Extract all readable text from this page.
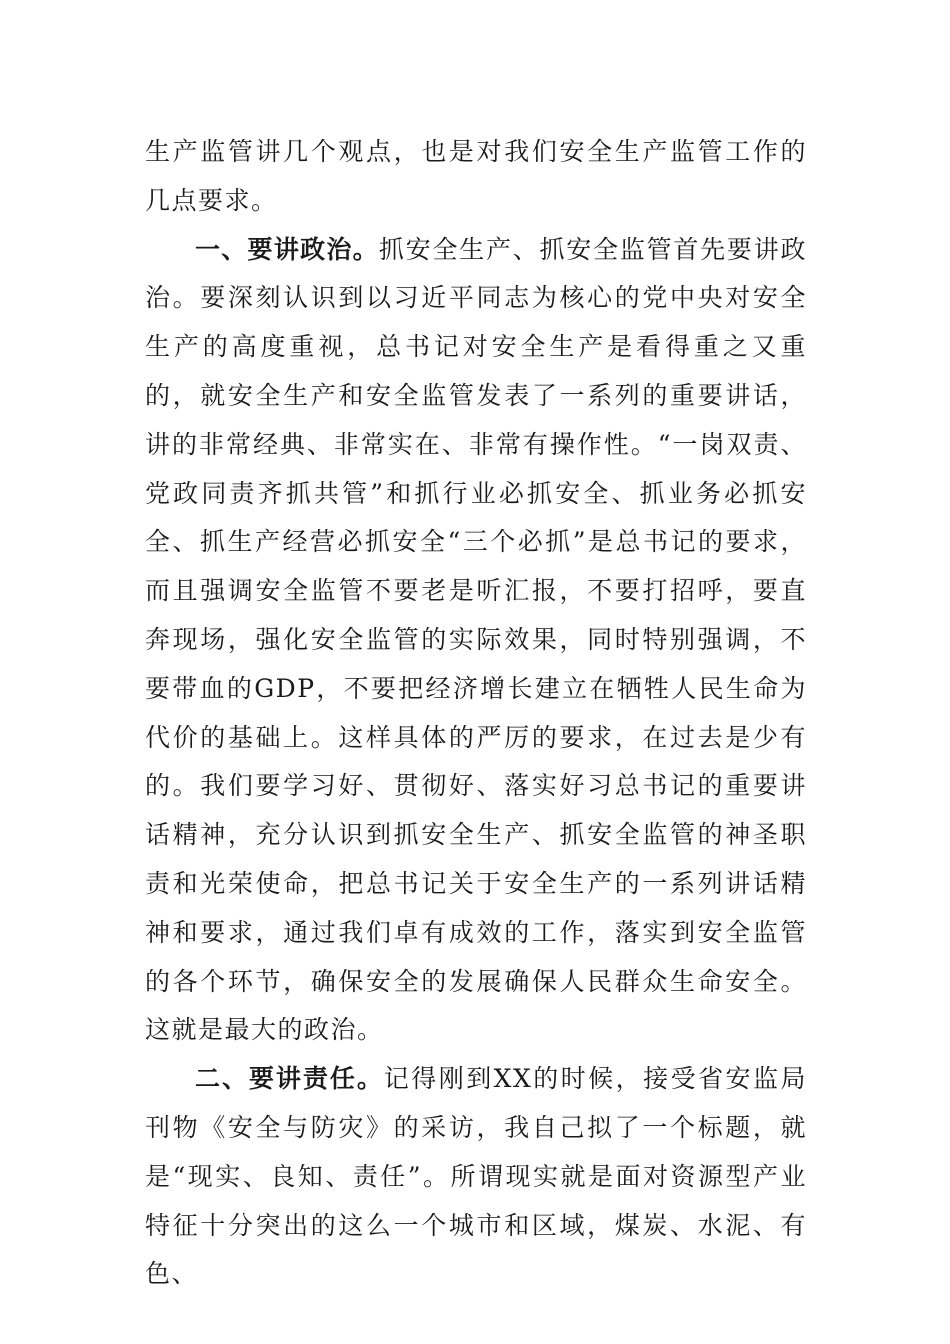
生产监管讲几个观点，也是对我们安全生产监管工作的几点要求。

一、要讲政治。抓安全生产、抓安全监管首先要讲政治。要深刻认识到以习近平同志为核心的党中央对安全生产的高度重视，总书记对安全生产是看得重之又重的，就安全生产和安全监管发表了一系列的重要讲话，讲的非常经典、非常实在、非常有操作性。“一岗双责、党政同责齐抓共管”和抓行业必抓安全、抓业务必抓安全、抓生产经营必抓安全“三个必抓”是总书记的要求，而且强调安全监管不要老是听汇报，不要打招呼，要直奔现场，强化安全监管的实际效果，同时特别强调，不要带血的GDP，不要把经济增长建立在牺牲人民生命为代价的基础上。这样具体的严厉的要求，在过去是少有的。我们要学习好、贯彻好、落实好习总书记的重要讲话精神，充分认识到抓安全生产、抓安全监管的神圣职责和光荣使命，把总书记关于安全生产的一系列讲话精神和要求，通过我们卓有成效的工作，落实到安全监管的各个环节，确保安全的发展确保人民群众生命安全。这就是最大的政治。

二、要讲责任。记得刚到XX的时候，接受省安监局刊物《安全与防灾》的采访，我自己拟了一个标题，就是“现实、良知、责任”。所谓现实就是面对资源型产业特征十分突出的这么一个城市和区域，煤炭、水泥、有色、
